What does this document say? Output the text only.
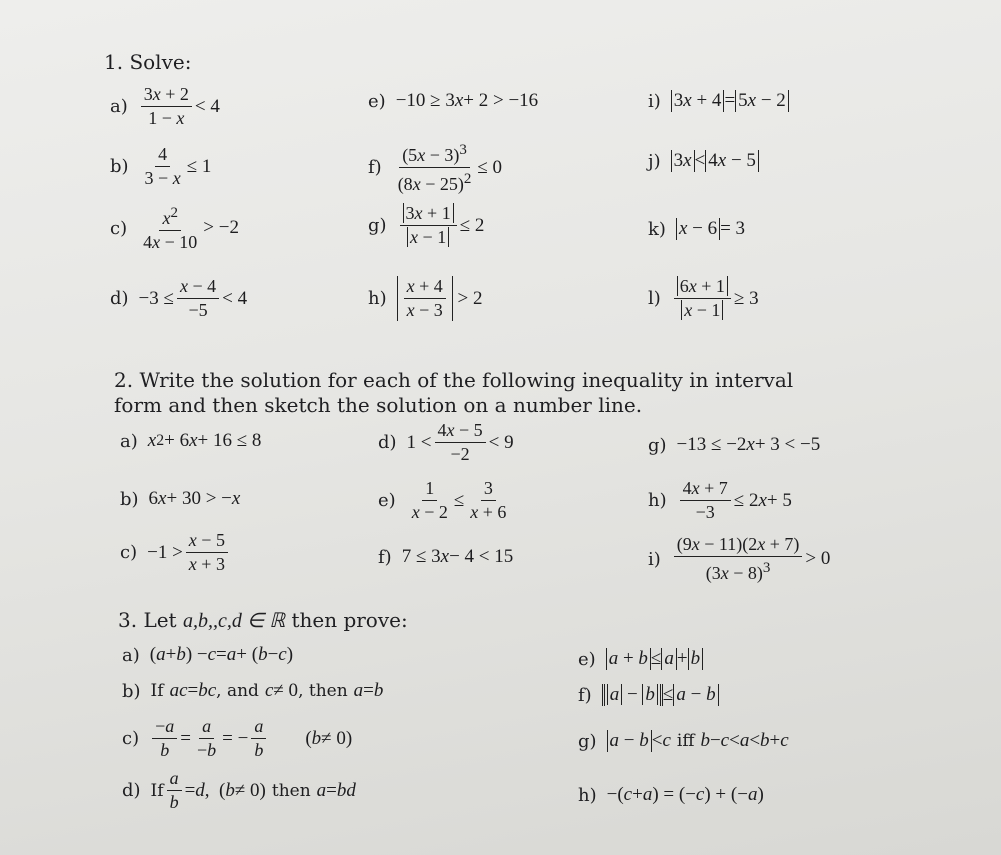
1. Solve:
$a) \frac{3x + 2}{1 - x} < 4$	e) −10 ≥ 3 x + 2 > −16	i) 3x + 4 = 5x − 2
$b) \frac{4}{3 - x} \le 1$	$f) \frac{(5x - 3)^3}{(8x - 25)^2} \le 0$	j) 3x < 4x − 5
$c) \frac{x^2}{4x - 10} > -2$	$g) \frac{3x + 1}{x - 1} \le 2$	k) x − 6 = 3
$d) -3 \le \frac{x - 4}{-5} < 4$	$h) \frac{x + 4}{x - 3} > 2$	$l) \frac{6x + 1}{x - 1} \ge 3$
2. Write the solution for each of the following inequality in interval
form and then sketch the solution on a number line.
a) x 2 + 6 x + 16 ≤ 8	d) $1 < \frac{4x - 5}{-2} < 9$	g) −13 ≤ −2 x + 3 < −5
b) 6 x + 30 > − x	$e) \frac{1}{x - 2} \le \frac{3}{x + 6}$	$h) \frac{4x + 7}{-3} \le 2$ x + 5
$c) -1 > \frac{x - 5}{x + 3}$	f) 7 ≤ 3 x − 4 < 15	$i) \frac{(9x - 11)(2x + 7)}{(3x - 8)^3} > 0$
3. Let a,b,,c,d ∈ ℝ then prove:
a) ( a + b ) − c = a + ( b − c )	e) a + b ≤ a + b
b) If ac = bc , and c ≠ 0 , then a = b	f) a − b ≤ a − b
$c) \frac{-a}{b} = \frac{a}{-b}$ = − $\frac{a}{b}$ ( b ≠ 0)	g) a − b < c iff b − c < a < b + c
d) If $\frac{a}{b} = d$ ,  ( b ≠ 0) then a = bd	h) −( c + a ) = (− c ) + (− a )
